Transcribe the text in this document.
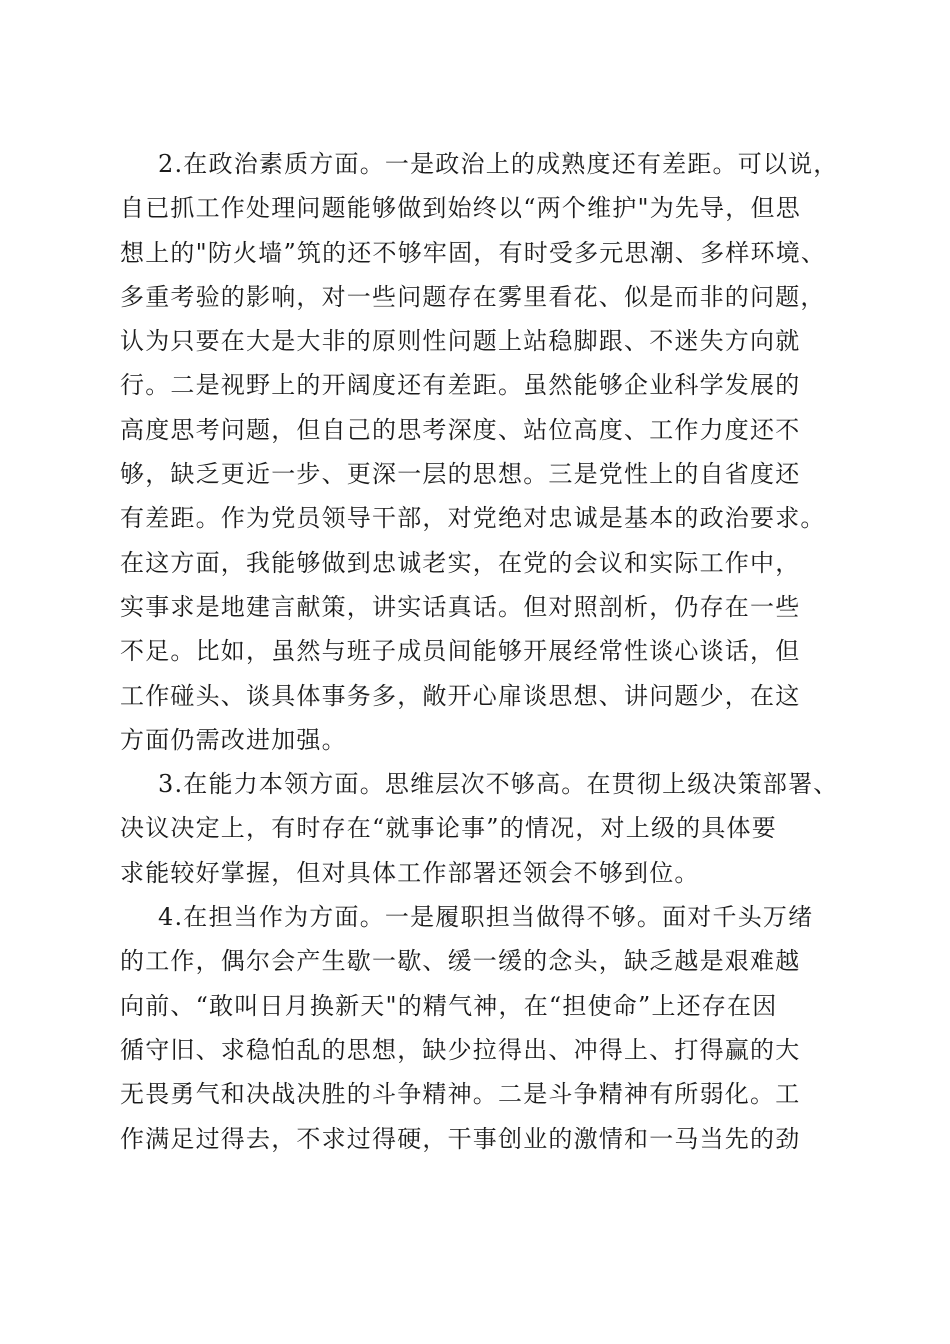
2.在政治素质方面。一是政治上的成熟度还有差距。可以说，
自已抓工作处理问题能够做到始终以“两个维护"为先导，但思
想上的"防火墙”筑的还不够牢固，有时受多元思潮、多样环境、
多重考验的影响，对一些问题存在雾里看花、似是而非的问题，
认为只要在大是大非的原则性问题上站稳脚跟、不迷失方向就
行。二是视野上的开阔度还有差距。虽然能够企业科学发展的
高度思考问题，但自己的思考深度、站位高度、工作力度还不
够，缺乏更近一步、更深一层的思想。三是党性上的自省度还
有差距。作为党员领导干部，对党绝对忠诚是基本的政治要求。
在这方面，我能够做到忠诚老实，在党的会议和实际工作中，
实事求是地建言献策，讲实话真话。但对照剖析，仍存在一些
不足。比如，虽然与班子成员间能够开展经常性谈心谈话，但
工作碰头、谈具体事务多，敞开心扉谈思想、讲问题少，在这
方面仍需改进加强。
3.在能力本领方面。思维层次不够高。在贯彻上级决策部署、
决议决定上，有时存在“就事论事”的情况，对上级的具体要
求能较好掌握，但对具体工作部署还领会不够到位。
4.在担当作为方面。一是履职担当做得不够。面对千头万绪
的工作，偶尔会产生歇一歇、缓一缓的念头，缺乏越是艰难越
向前、“敢叫日月换新天"的精气神，在“担使命”上还存在因
循守旧、求稳怕乱的思想，缺少拉得出、冲得上、打得赢的大
无畏勇气和决战决胜的斗争精神。二是斗争精神有所弱化。工
作满足过得去，不求过得硬，干事创业的激情和一马当先的劲
